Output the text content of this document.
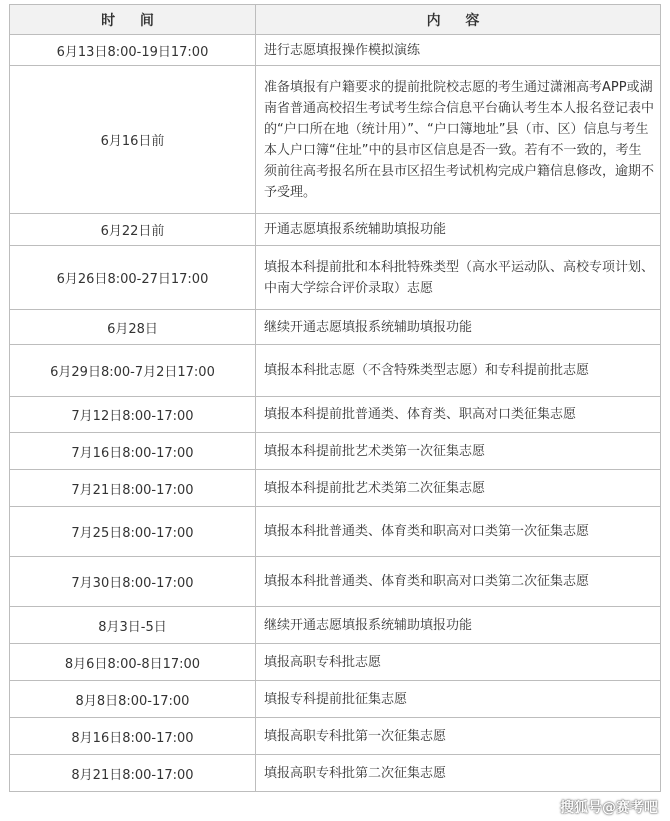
时 间	内 容
6月13日8:00-19日17:00	进行志愿填报操作模拟演练
6月16日前	准备填报有户籍要求的提前批院校志愿的考生通过潇湘高考APP或湖南省普通高校招生考试考生综合信息平台确认考生本人报名登记表中的“户口所在地（统计用）”、“户口簿地址”县（市、区）信息与考生本人户口簿“住址”中的县市区信息是否一致。若有不一致的，考生须前往高考报名所在县市区招生考试机构完成户籍信息修改，逾期不予受理。
6月22日前	开通志愿填报系统辅助填报功能
6月26日8:00-27日17:00	填报本科提前批和本科批特殊类型（高水平运动队、高校专项计划、中南大学综合评价录取）志愿
6月28日	继续开通志愿填报系统辅助填报功能
6月29日8:00-7月2日17:00	填报本科批志愿（不含特殊类型志愿）和专科提前批志愿
7月12日8:00-17:00	填报本科提前批普通类、体育类、职高对口类征集志愿
7月16日8:00-17:00	填报本科提前批艺术类第一次征集志愿
7月21日8:00-17:00	填报本科提前批艺术类第二次征集志愿
7月25日8:00-17:00	填报本科批普通类、体育类和职高对口类第一次征集志愿
7月30日8:00-17:00	填报本科批普通类、体育类和职高对口类第二次征集志愿
8月3日-5日	继续开通志愿填报系统辅助填报功能
8月6日8:00-8日17:00	填报高职专科批志愿
8月8日8:00-17:00	填报专科提前批征集志愿
8月16日8:00-17:00	填报高职专科批第一次征集志愿
8月21日8:00-17:00	填报高职专科批第二次征集志愿
搜狐号@赛考吧
